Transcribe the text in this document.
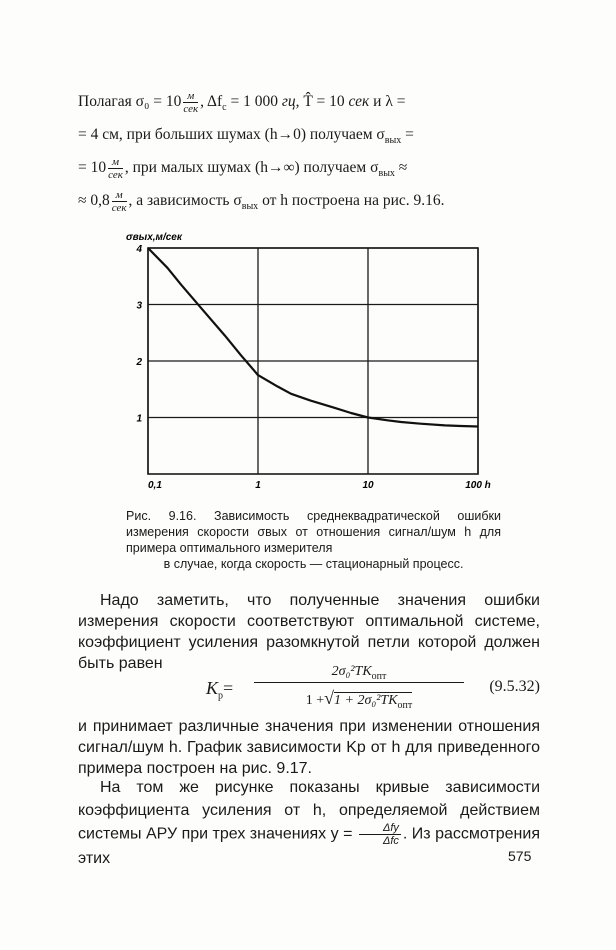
Полагая $\sigma_0 = 10 \frac{м}{\text{сек}}$ , $\Delta f_с = 1$ 000 гц, T̂ = 10 сек и λ =
= 4 см, при больших шумах (h→0) получаем $\sigma_{вых}$ =
= $10 \frac{м}{\text{сек}}$ , при малых шумах (h→∞) получаем $\sigma_{вых}$ ≈
≈ $0,8 \frac{м}{\text{сек}}$ , а зависимость $\sigma_{вых}$ от h построена на рис. 9.16.
0,1	1	10	100 h
1
2
3
4
σвых,м/сек
Рис. 9.16. Зависимость среднеквадратической ошибки измерения скорости σвых от отношения сигнал/шум h для примера оптимального измерителя
в случае, когда скорость — стационарный процесс.
Надо заметить, что полученные значения ошибки измерения скорости соответствуют оптимальной системе, коэффициент усиления разомкнутой петли которой должен быть равен
$K_р=$
$2\sigma_0^2TK_{опт}$
$1 +√1 + 2\sigma_0^2TK_{опт}$
(9.5.32)
и принимает различные значения при изменении отношения сигнал/шум h. График зависимости Kр от h для приведенного примера построен на рис. 9.17.
На том же рисунке показаны кривые зависимости коэффициента усиления от h, определяемой действием системы АРУ при трех значениях $y = \frac{\text{Δfу}}{\text{Δfс}}$ . Из рассмотрения этих	575
